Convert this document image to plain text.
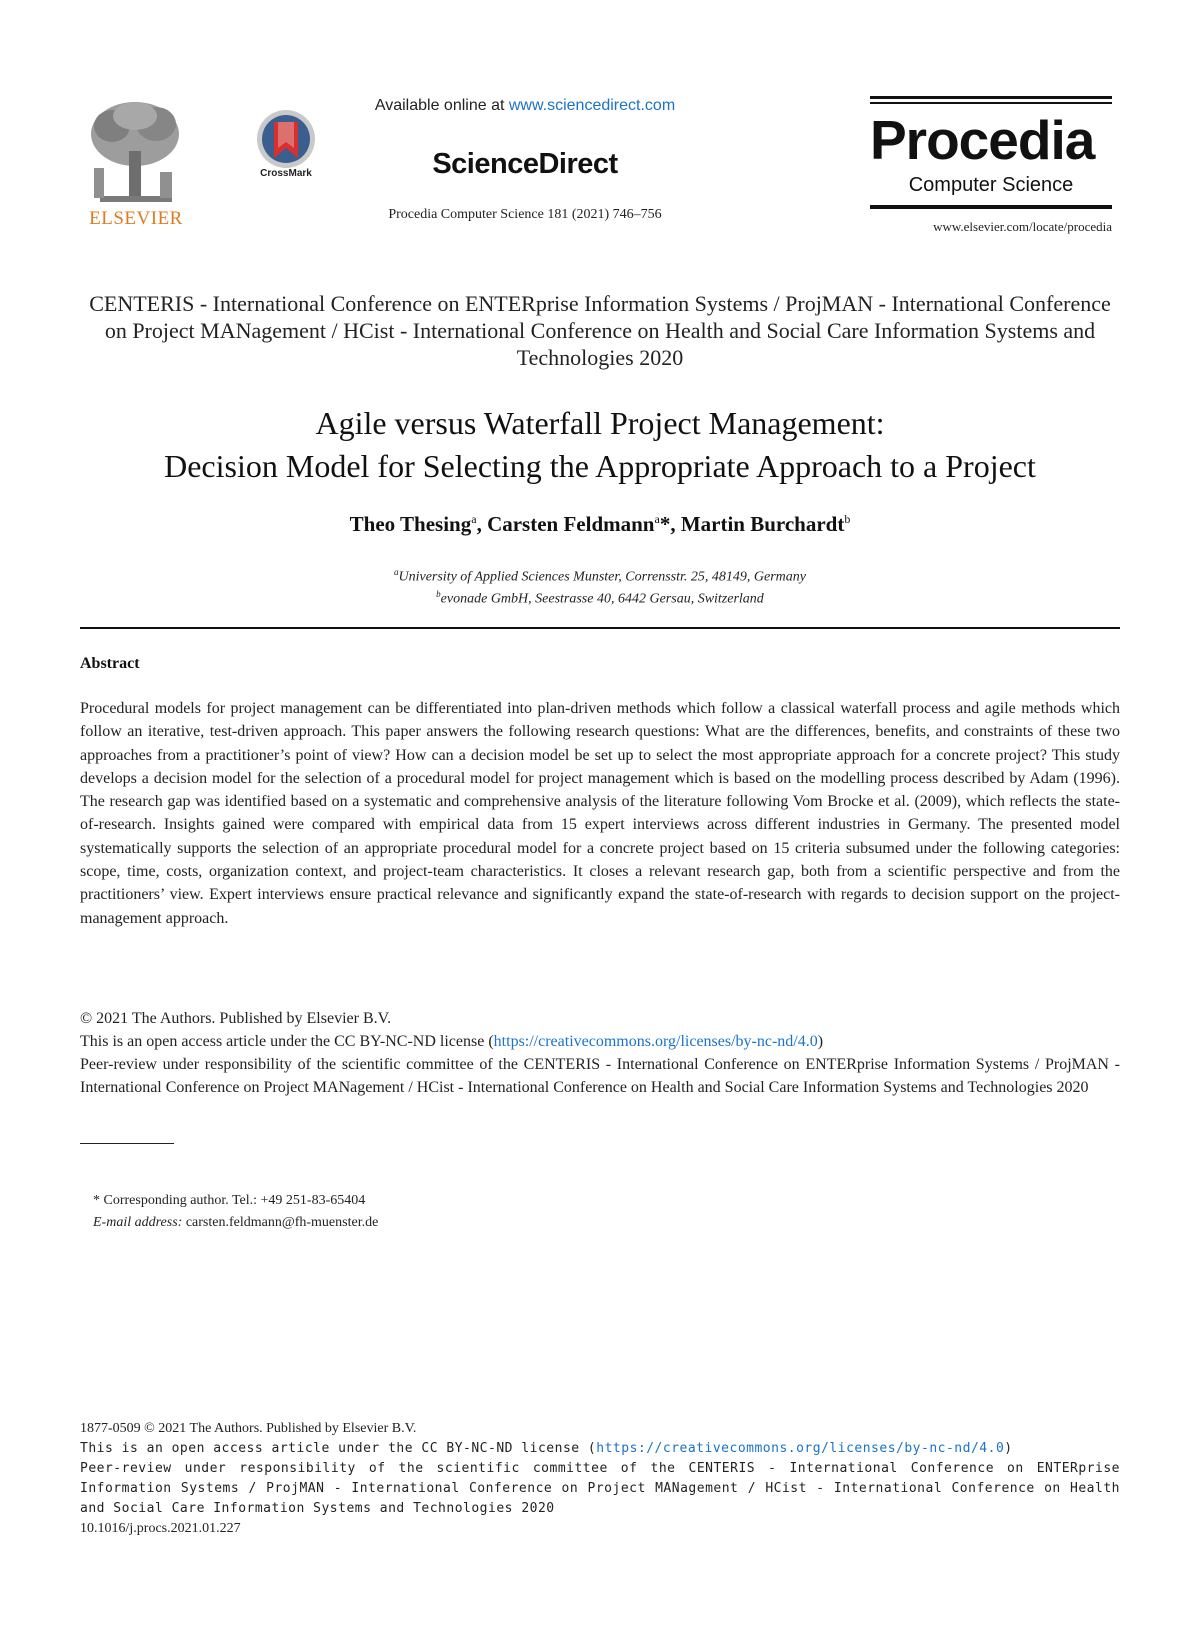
ELSEVIER
CrossMark
Available online at www.sciencedirect.com
ScienceDirect
Procedia Computer Science 181 (2021) 746–756
Procedia
Computer Science
www.elsevier.com/locate/procedia
CENTERIS - International Conference on ENTERprise Information Systems / ProjMAN - International Conference on Project MANagement / HCist - International Conference on Health and Social Care Information Systems and Technologies 2020
Agile versus Waterfall Project Management:
Decision Model for Selecting the Appropriate Approach to a Project
Theo Thesing$^a$, Carsten Feldmann$^a$*, Martin Burchardt$^b$
$^a$University of Applied Sciences Munster, Corrensstr. 25, 48149, Germany
$^b$evonade GmbH, Seestrasse 40, 6442 Gersau, Switzerland
Abstract
Procedural models for project management can be differentiated into plan-driven methods which follow a classical waterfall process and agile methods which follow an iterative, test-driven approach. This paper answers the following research questions: What are the differences, benefits, and constraints of these two approaches from a practitioner’s point of view? How can a decision model be set up to select the most appropriate approach for a concrete project? This study develops a decision model for the selection of a procedural model for project management which is based on the modelling process described by Adam (1996). The research gap was identified based on a systematic and comprehensive analysis of the literature following Vom Brocke et al. (2009), which reflects the state-of-research. Insights gained were compared with empirical data from 15 expert interviews across different industries in Germany. The presented model systematically supports the selection of an appropriate procedural model for a concrete project based on 15 criteria subsumed under the following categories: scope, time, costs, organization context, and project-team characteristics. It closes a relevant research gap, both from a scientific perspective and from the practitioners’ view. Expert interviews ensure practical relevance and significantly expand the state-of-research with regards to decision support on the project-management approach.
© 2021 The Authors. Published by Elsevier B.V.
This is an open access article under the CC BY-NC-ND license (https://creativecommons.org/licenses/by-nc-nd/4.0)
Peer-review under responsibility of the scientific committee of the CENTERIS - International Conference on ENTERprise Information Systems / ProjMAN - International Conference on Project MANagement / HCist - International Conference on Health and Social Care Information Systems and Technologies 2020
* Corresponding author. Tel.: +49 251-83-65404
E-mail address: carsten.feldmann@fh-muenster.de
1877-0509 © 2021 The Authors. Published by Elsevier B.V.
This is an open access article under the CC BY-NC-ND license (https://creativecommons.org/licenses/by-nc-nd/4.0)
Peer-review under responsibility of the scientific committee of the CENTERIS - International Conference on ENTERprise Information Systems / ProjMAN - International Conference on Project MANagement / HCist - International Conference on Health and Social Care Information Systems and Technologies 2020
10.1016/j.procs.2021.01.227
